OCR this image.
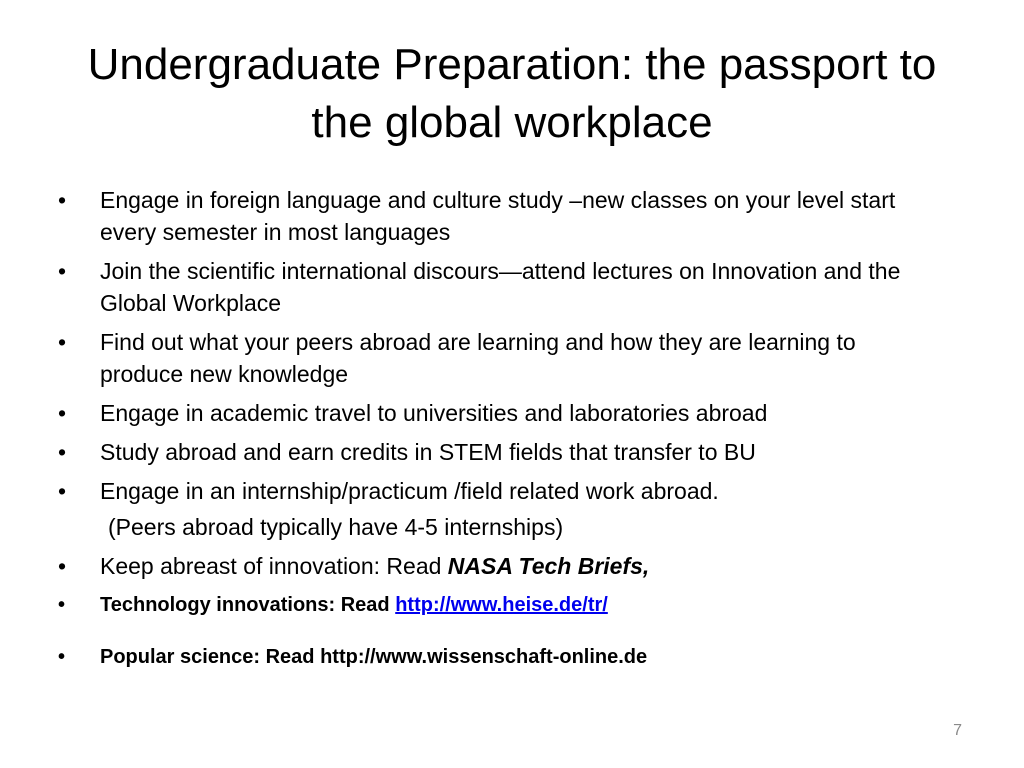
Undergraduate Preparation: the passport to the global workplace
•	Engage in foreign language and culture study –new classes on your level start every semester in most languages
•	Join the scientific international discours—attend lectures on Innovation and the Global Workplace
•	Find out what your peers abroad are learning and how they are learning to produce new knowledge
•	Engage in academic travel to universities and laboratories abroad
•	Study abroad and earn credits in STEM fields that transfer to BU
•	Engage in an internship/practicum /field related work abroad.
(Peers abroad typically have 4-5 internships)
•	Keep abreast of innovation: Read NASA Tech Briefs,
•	Technology innovations: Read http://www.heise.de/tr/
•	Popular science: Read http://www.wissenschaft-online.de
7
